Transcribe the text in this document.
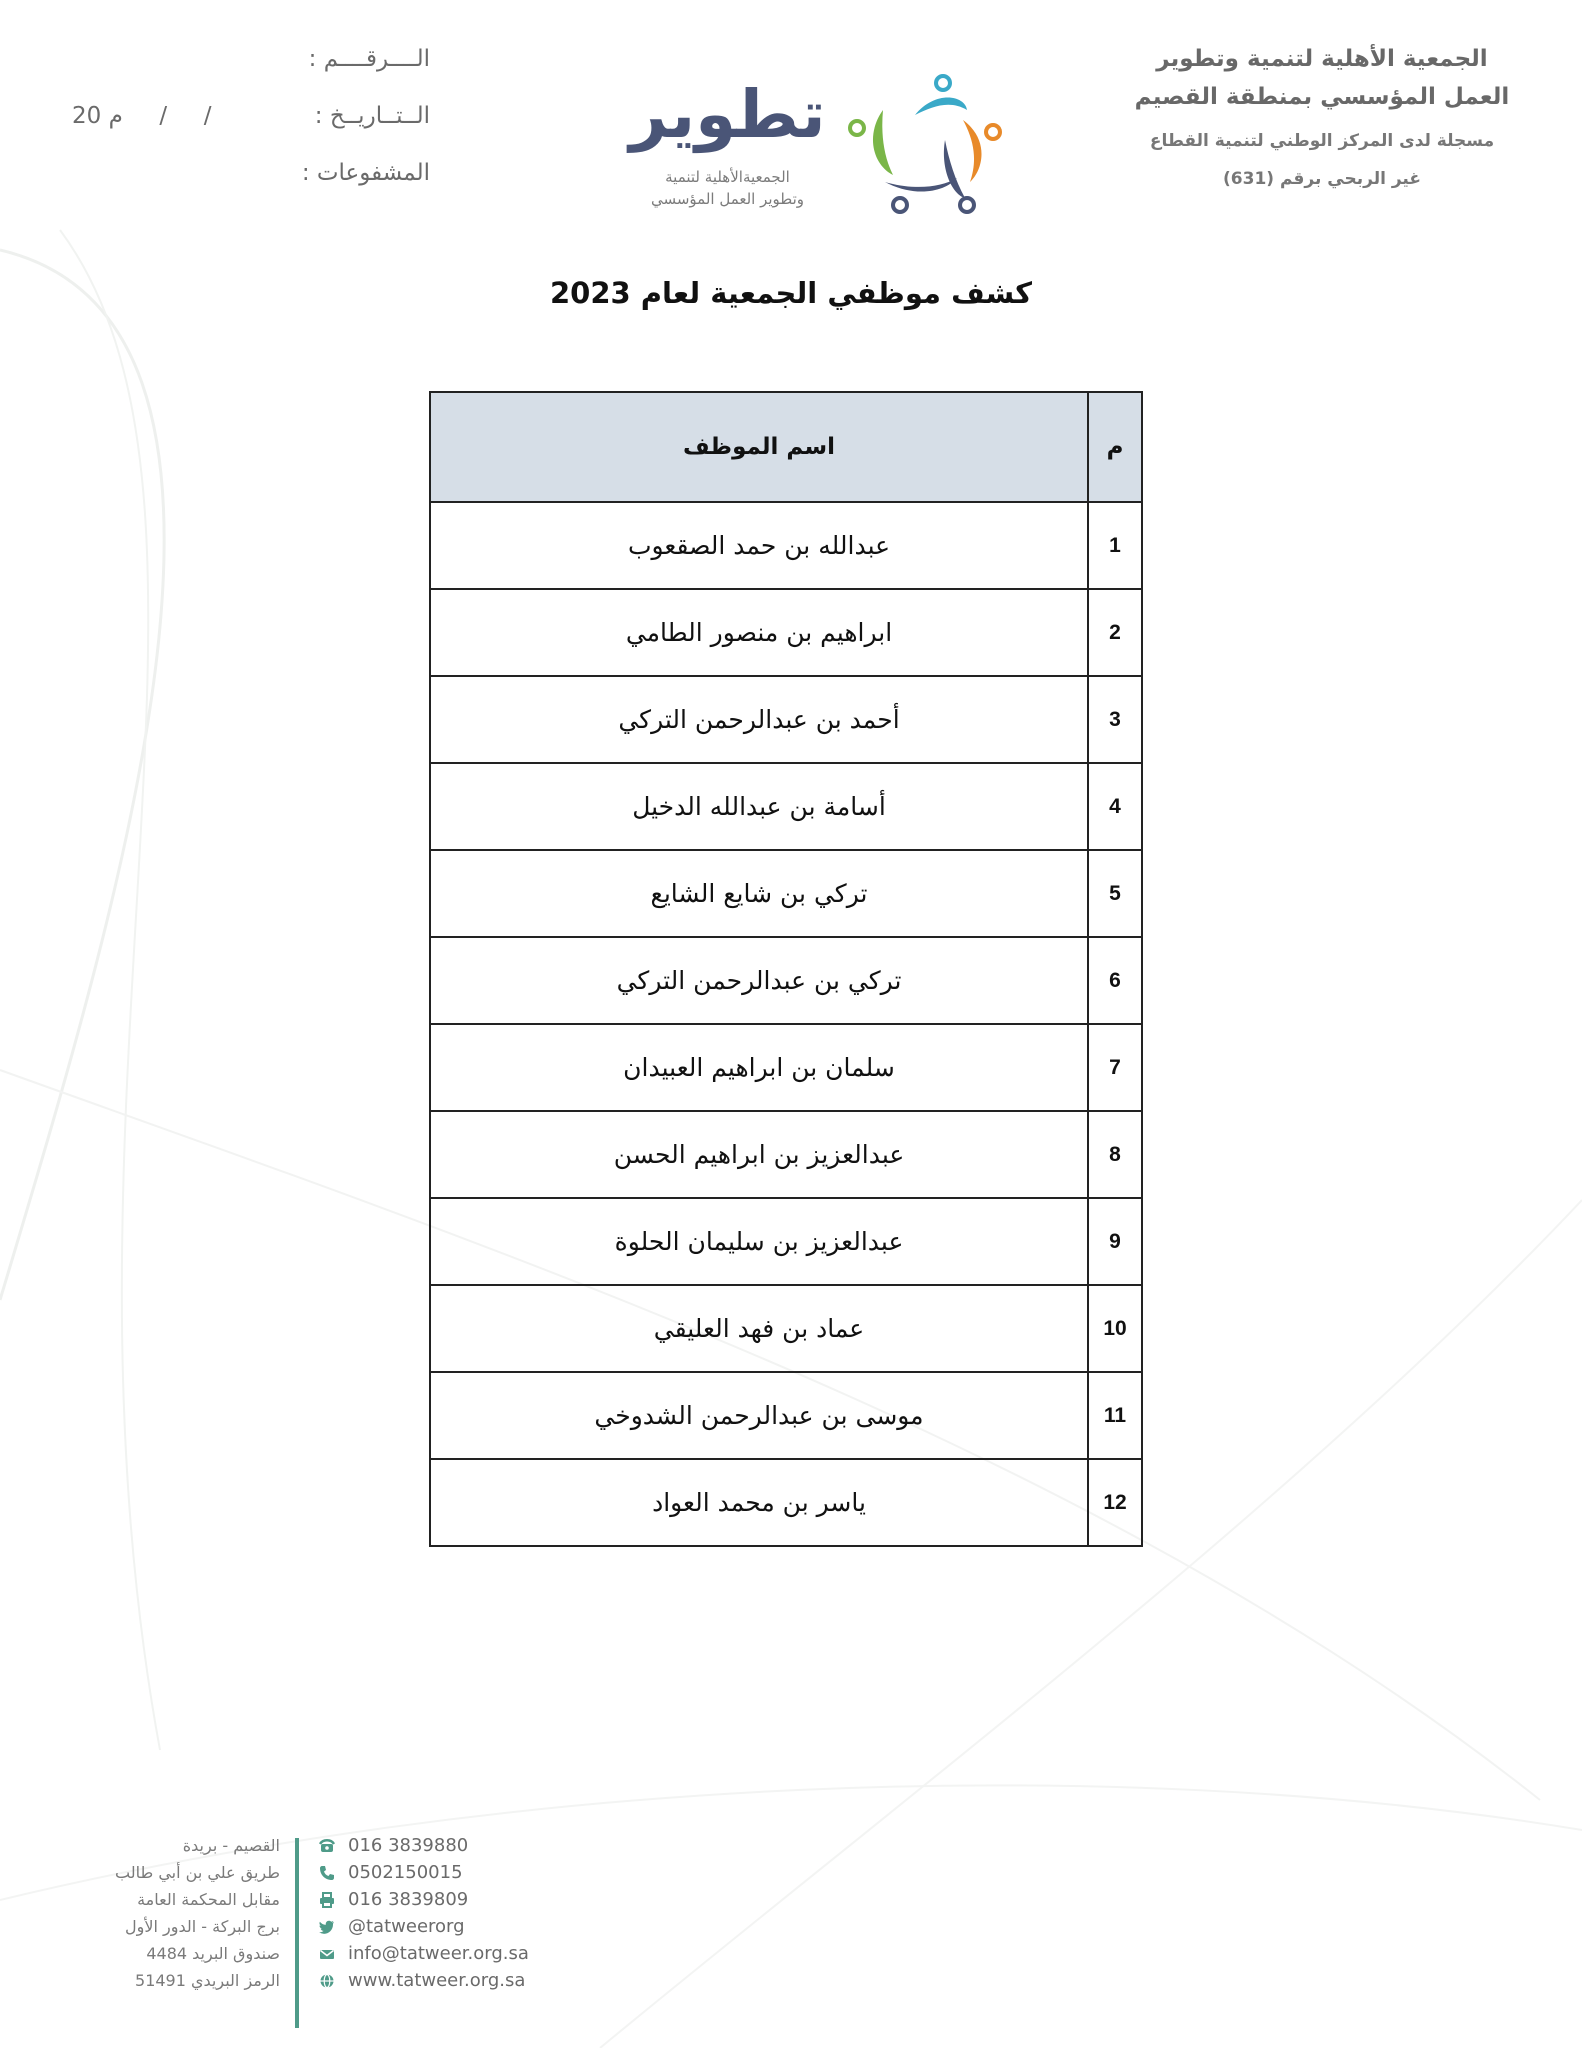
الجمعية الأهلية لتنمية وتطوير
العمل المؤسسي بمنطقة القصيم
مسجلة لدى المركز الوطني لتنمية القطاع
غير الربحي برقم (631)
تطوير
الجمعيةالأهلية لتنمية
وتطوير العمل المؤسسي
الــــرقــــم :
الــتــاريــخ :
20 م     /     /
المشفوعات :
كشف موظفي الجمعية لعام 2023
م	اسم الموظف
1	عبدالله بن حمد الصقعوب
2	ابراهيم بن منصور الطامي
3	أحمد بن عبدالرحمن التركي
4	أسامة بن عبدالله الدخيل
5	تركي بن شايع الشايع
6	تركي بن عبدالرحمن التركي
7	سلمان بن ابراهيم العبيدان
8	عبدالعزيز بن ابراهيم الحسن
9	عبدالعزيز بن سليمان الحلوة
10	عماد بن فهد العليقي
11	موسى بن عبدالرحمن الشدوخي
12	ياسر بن محمد العواد
القصيم - بريدة
طريق علي بن أبي طالب
مقابل المحكمة العامة
برج البركة - الدور الأول
صندوق البريد 4484
الرمز البريدي 51491
016 3839880
0502150015
016 3839809
@tatweerorg
info@tatweer.org.sa
www.tatweer.org.sa
